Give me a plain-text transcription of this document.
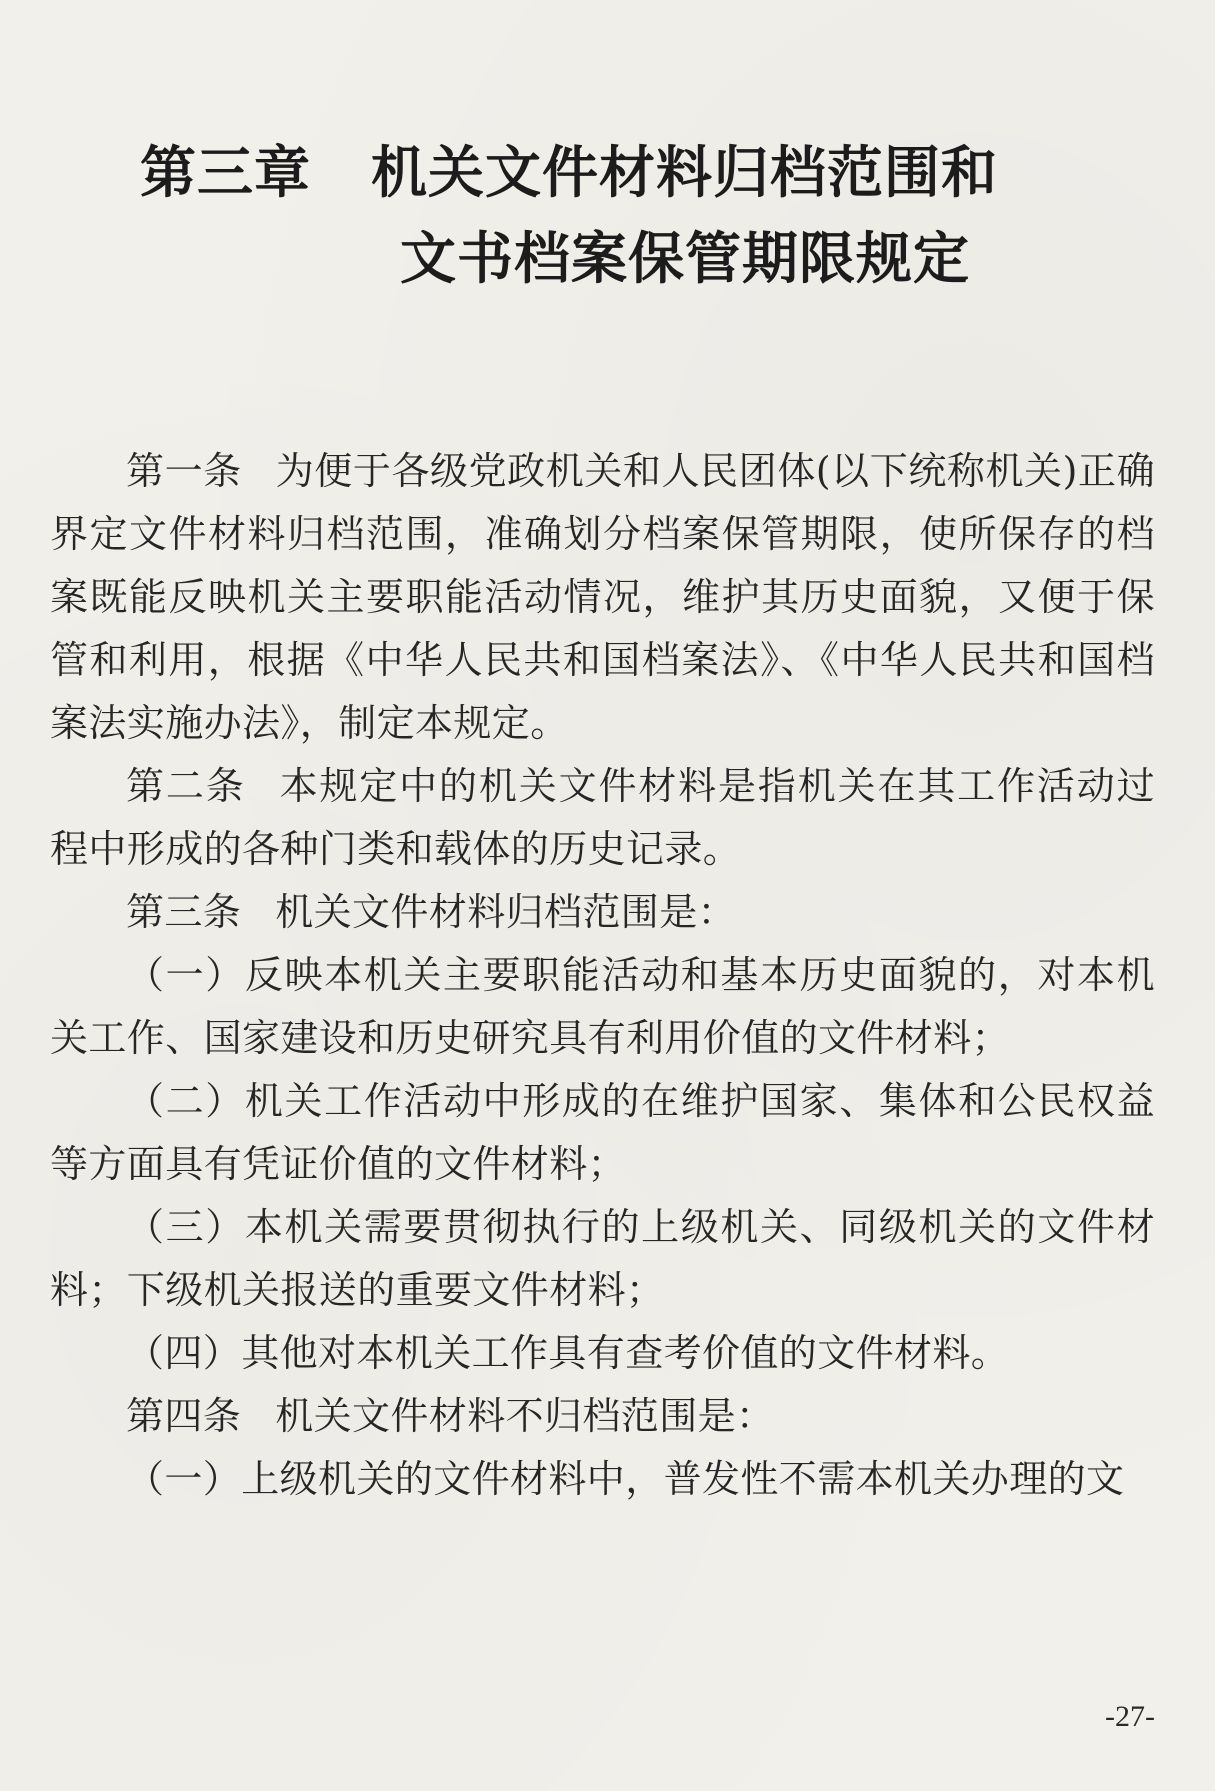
第三章 机关文件材料归档范围和
文书档案保管期限规定

第一条 为便于各级党政机关和人民团体(以下统称机关)正确界定文件材料归档范围，准确划分档案保管期限，使所保存的档案既能反映机关主要职能活动情况，维护其历史面貌，又便于保管和利用，根据《中华人民共和国档案法》、《中华人民共和国档案法实施办法》，制定本规定。

第二条 本规定中的机关文件材料是指机关在其工作活动过程中形成的各种门类和载体的历史记录。

第三条 机关文件材料归档范围是：

（一）反映本机关主要职能活动和基本历史面貌的，对本机关工作、国家建设和历史研究具有利用价值的文件材料；

（二）机关工作活动中形成的在维护国家、集体和公民权益等方面具有凭证价值的文件材料；

（三）本机关需要贯彻执行的上级机关、同级机关的文件材料；下级机关报送的重要文件材料；

（四）其他对本机关工作具有查考价值的文件材料。

第四条 机关文件材料不归档范围是：

（一）上级机关的文件材料中，普发性不需本机关办理的文

-27-
